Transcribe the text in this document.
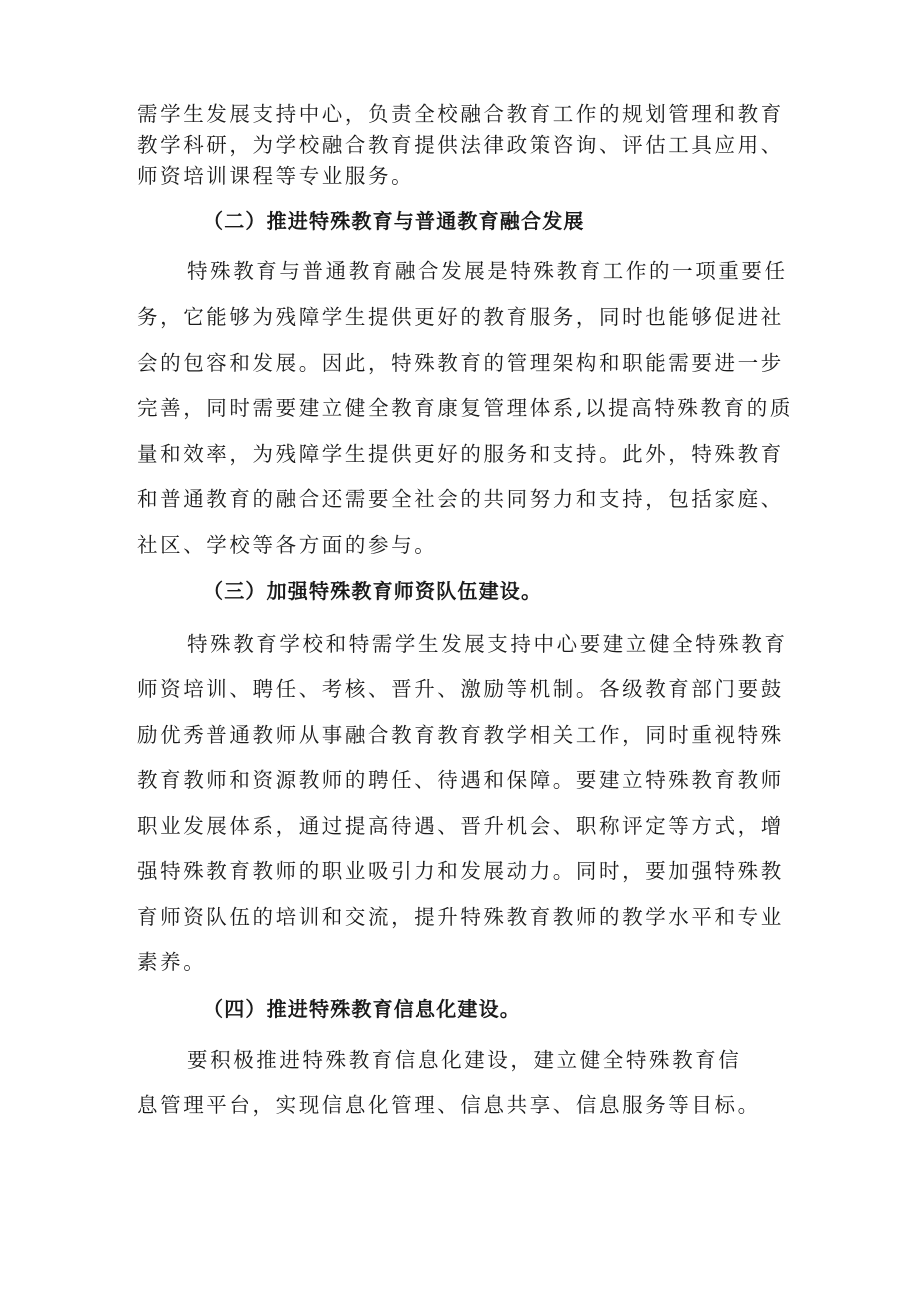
需学生发展支持中心，负责全校融合教育工作的规划管理和教育
教学科研，为学校融合教育提供法律政策咨询、评估工具应用、
师资培训课程等专业服务。
（二）推进特殊教育与普通教育融合发展
特殊教育与普通教育融合发展是特殊教育工作的一项重要任
务，它能够为残障学生提供更好的教育服务，同时也能够促进社
会的包容和发展。因此，特殊教育的管理架构和职能需要进一步
完善，同时需要建立健全教育康复管理体系,以提高特殊教育的质
量和效率，为残障学生提供更好的服务和支持。此外，特殊教育
和普通教育的融合还需要全社会的共同努力和支持，包括家庭、
社区、学校等各方面的参与。
（三）加强特殊教育师资队伍建设。
特殊教育学校和特需学生发展支持中心要建立健全特殊教育
师资培训、聘任、考核、晋升、激励等机制。各级教育部门要鼓
励优秀普通教师从事融合教育教育教学相关工作，同时重视特殊
教育教师和资源教师的聘任、待遇和保障。要建立特殊教育教师
职业发展体系，通过提高待遇、晋升机会、职称评定等方式，增
强特殊教育教师的职业吸引力和发展动力。同时，要加强特殊教
育师资队伍的培训和交流，提升特殊教育教师的教学水平和专业
素养。
（四）推进特殊教育信息化建设。
要积极推进特殊教育信息化建设，建立健全特殊教育信
息管理平台，实现信息化管理、信息共享、信息服务等目标。
